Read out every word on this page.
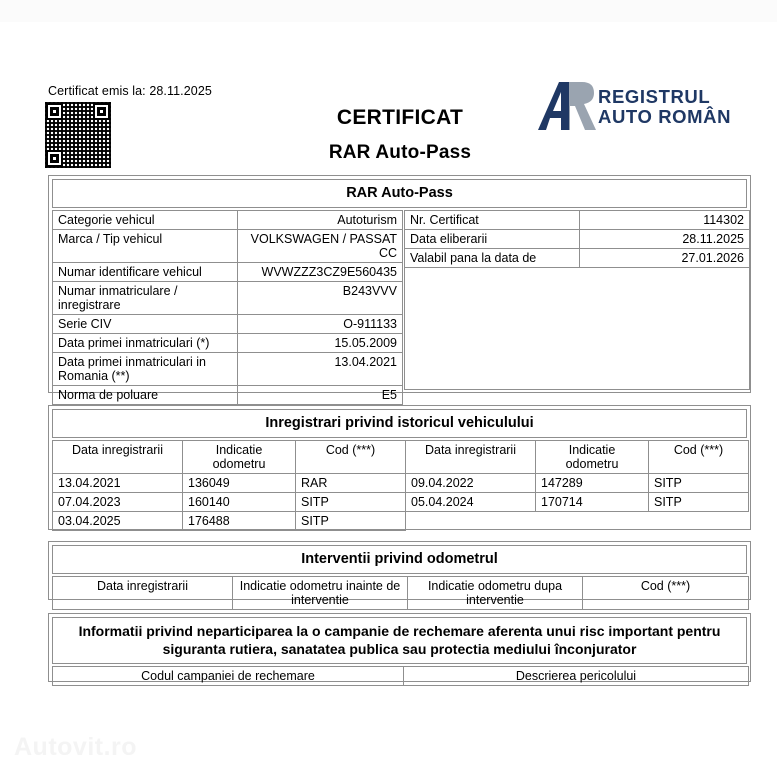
Certificat emis la: 28.11.2025
CERTIFICAT
RAR Auto-Pass
REGISTRUL
AUTO ROMÂN
RAR Auto-Pass
Categorie vehicul	Autoturism
Marca / Tip vehicul	VOLKSWAGEN / PASSAT CC
Numar identificare vehicul	WVWZZZ3CZ9E560435
Numar inmatriculare / inregistrare	B243VVV
Serie CIV	O-911133
Data primei inmatriculari (*)	15.05.2009
Data primei inmatriculari in Romania (**)	13.04.2021
Norma de poluare	E5
Nr. Certificat	114302
Data eliberarii	28.11.2025
Valabil pana la data de	27.01.2026

Inregistrari privind istoricul vehiculului
Data inregistrarii	Indicatie odometru	Cod (***)	Data inregistrarii	Indicatie odometru	Cod (***)
13.04.2021	136049	RAR	09.04.2022	147289	SITP
07.04.2023	160140	SITP	05.04.2024	170714	SITP
03.04.2025	176488	SITP			
Interventii privind odometrul
Data inregistrarii	Indicatie odometru inainte de interventie	Indicatie odometru dupa interventie	Cod (***)

Informatii privind neparticiparea la o campanie de rechemare aferenta unui risc important pentru siguranta rutiera, sanatatea publica sau protectia mediului înconjurator
Codul campaniei de rechemare	Descrierea pericolului

Autovit.ro
